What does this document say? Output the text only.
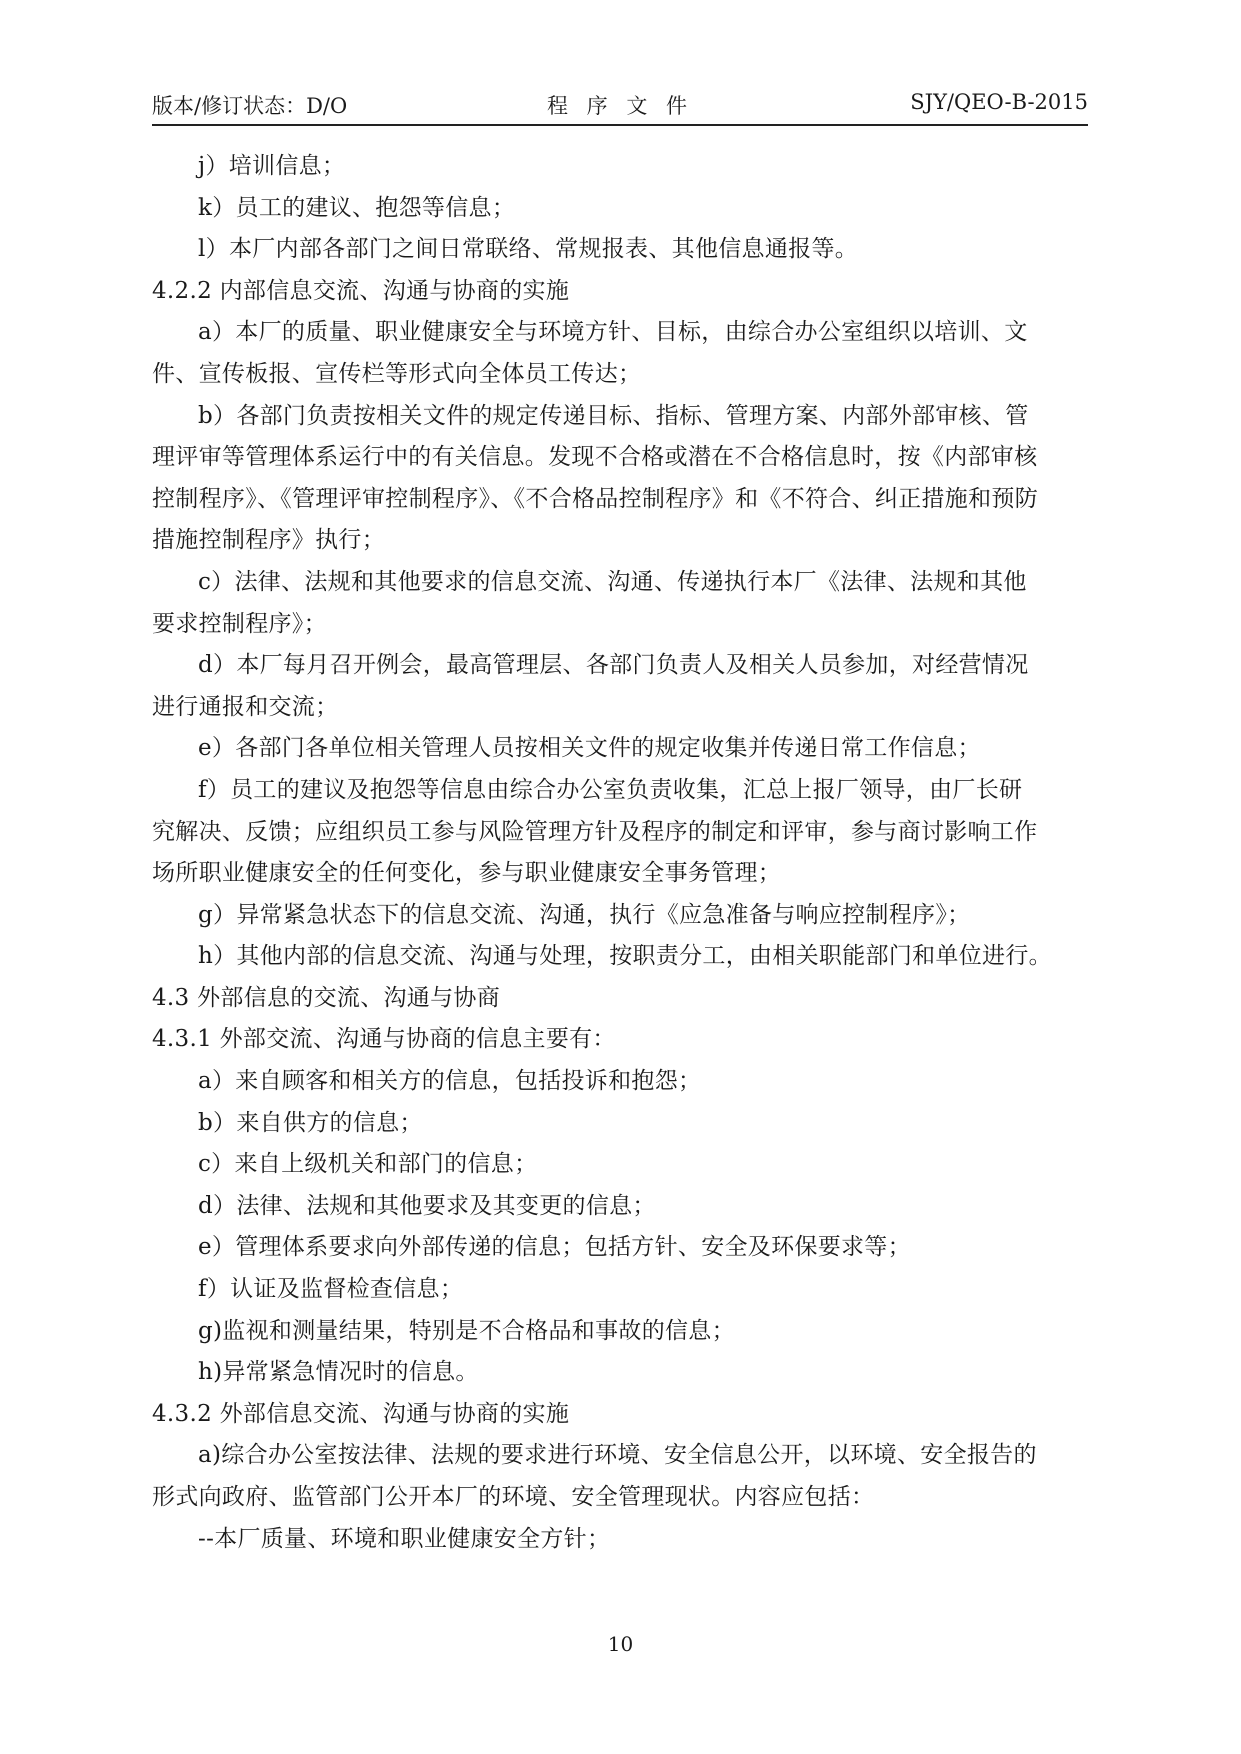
程 序 文 件
版本/修订状态：D/O	SJY/QEO-B-2015
j）培训信息；
k）员工的建议、抱怨等信息；
l）本厂内部各部门之间日常联络、常规报表、其他信息通报等。
4.2.2 内部信息交流、沟通与协商的实施
a）本厂的质量、职业健康安全与环境方针、目标，由综合办公室组织以培训、文
件、宣传板报、宣传栏等形式向全体员工传达；
b）各部门负责按相关文件的规定传递目标、指标、管理方案、内部外部审核、管
理评审等管理体系运行中的有关信息。发现不合格或潜在不合格信息时，按《内部审核
控制程序》、《管理评审控制程序》、《不合格品控制程序》和《不符合、纠正措施和预防
措施控制程序》执行；
c）法律、法规和其他要求的信息交流、沟通、传递执行本厂《法律、法规和其他
要求控制程序》；
d）本厂每月召开例会，最高管理层、各部门负责人及相关人员参加，对经营情况
进行通报和交流；
e）各部门各单位相关管理人员按相关文件的规定收集并传递日常工作信息；
f）员工的建议及抱怨等信息由综合办公室负责收集，汇总上报厂领导，由厂长研
究解决、反馈；应组织员工参与风险管理方针及程序的制定和评审，参与商讨影响工作
场所职业健康安全的任何变化，参与职业健康安全事务管理；
g）异常紧急状态下的信息交流、沟通，执行《应急准备与响应控制程序》；
h）其他内部的信息交流、沟通与处理，按职责分工，由相关职能部门和单位进行。
4.3 外部信息的交流、沟通与协商
4.3.1 外部交流、沟通与协商的信息主要有：
a）来自顾客和相关方的信息，包括投诉和抱怨；
b）来自供方的信息；
c）来自上级机关和部门的信息；
d）法律、法规和其他要求及其变更的信息；
e）管理体系要求向外部传递的信息；包括方针、安全及环保要求等；
f）认证及监督检查信息；
g)监视和测量结果，特别是不合格品和事故的信息；
h)异常紧急情况时的信息。
4.3.2 外部信息交流、沟通与协商的实施
a)综合办公室按法律、法规的要求进行环境、安全信息公开，以环境、安全报告的
形式向政府、监管部门公开本厂的环境、安全管理现状。内容应包括：
--本厂质量、环境和职业健康安全方针；
10
